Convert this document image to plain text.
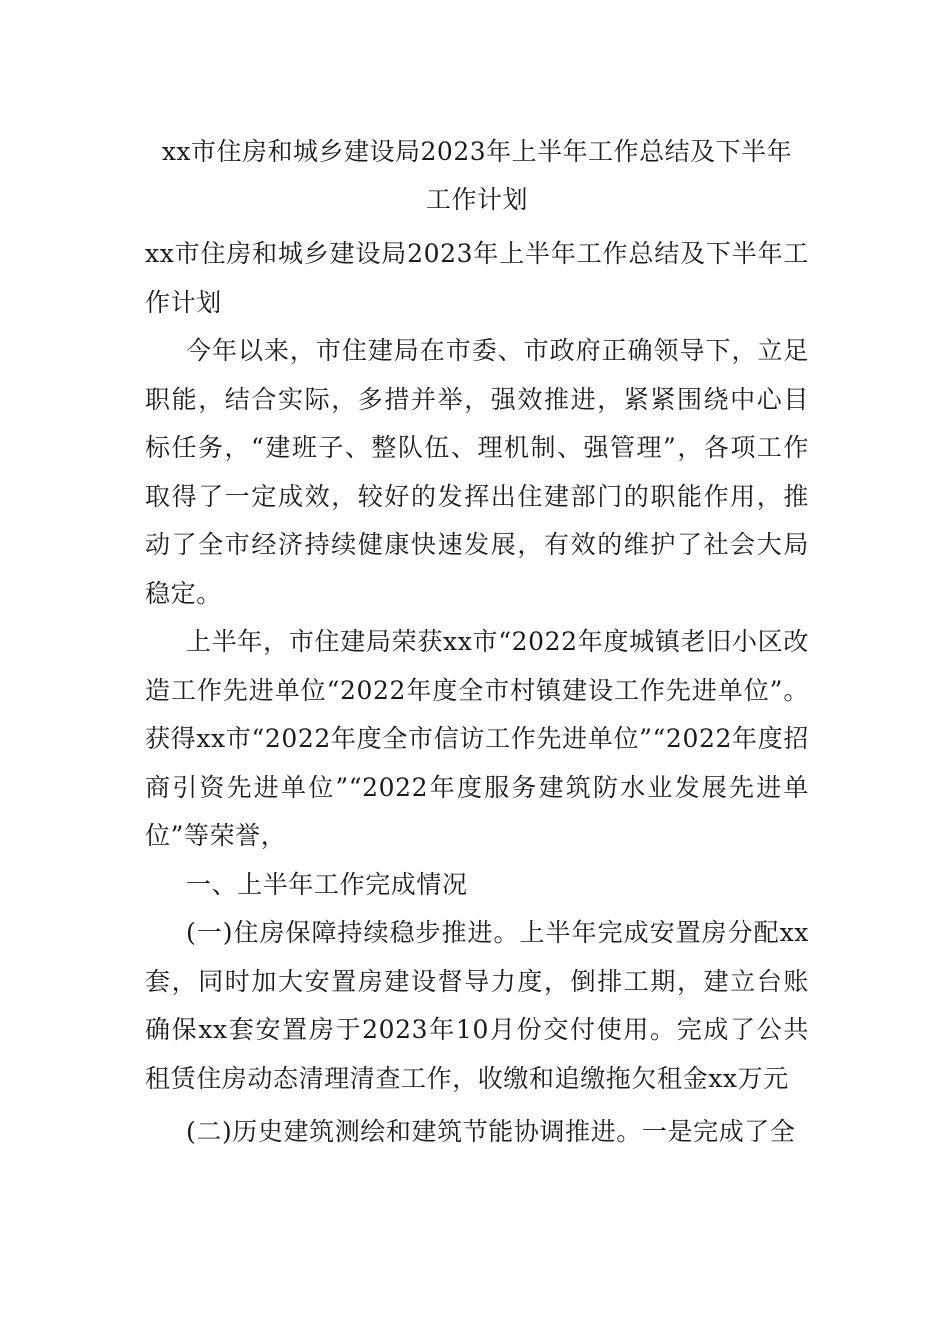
xx市住房和城乡建设局2023年上半年工作总结及下半年
工作计划

xx市住房和城乡建设局2023年上半年工作总结及下半年工作计划

今年以来，市住建局在市委、市政府正确领导下，立足职能，结合实际，多措并举，强效推进，紧紧围绕中心目标任务，“建班子、整队伍、理机制、强管理”，各项工作取得了一定成效，较好的发挥出住建部门的职能作用，推动了全市经济持续健康快速发展，有效的维护了社会大局稳定。

上半年，市住建局荣获xx市“2022年度城镇老旧小区改造工作先进单位“2022年度全市村镇建设工作先进单位”。获得xx市“2022年度全市信访工作先进单位”“2022年度招商引资先进单位”“2022年度服务建筑防水业发展先进单位”等荣誉，

一、上半年工作完成情况

(一)住房保障持续稳步推进。上半年完成安置房分配xx套，同时加大安置房建设督导力度，倒排工期，建立台账确保xx套安置房于2023年10月份交付使用。完成了公共租赁住房动态清理清查工作，收缴和追缴拖欠租金xx万元

(二)历史建筑测绘和建筑节能协调推进。一是完成了全
